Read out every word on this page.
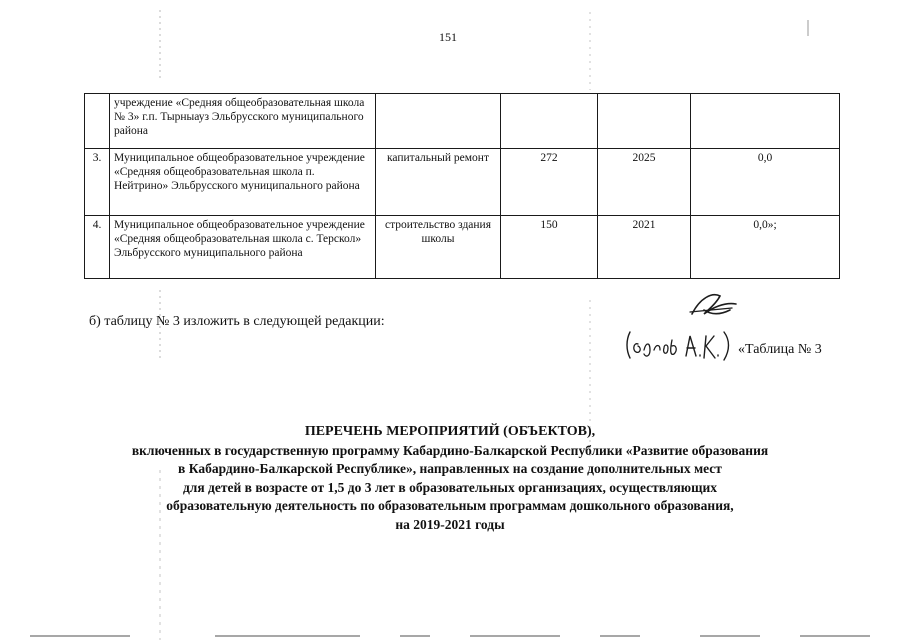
151
	учреждение «Средняя общеобразовательная школа № 3» г.п. Тырныауз Эльбрусского муниципального района				
3.	Муниципальное общеобразовательное учреждение «Средняя общеобразовательная школа п. Нейтрино» Эльбрусского муниципального района	капитальный ремонт	272	2025	0,0
4.	Муниципальное общеобразовательное учреждение «Средняя общеобразовательная школа с. Терскол» Эльбрусского муниципального района	строительство здания школы	150	2021	0,0»;
б) таблицу № 3 изложить в следующей редакции:
«Таблица № 3
ПЕРЕЧЕНЬ МЕРОПРИЯТИЙ (ОБЪЕКТОВ),
включенных в государственную программу Кабардино-Балкарской Республики «Развитие образования
в Кабардино-Балкарской Республике», направленных на создание дополнительных мест
для детей в возрасте от 1,5 до 3 лет в образовательных организациях, осуществляющих
образовательную деятельность по образовательным программам дошкольного образования,
на 2019-2021 годы
